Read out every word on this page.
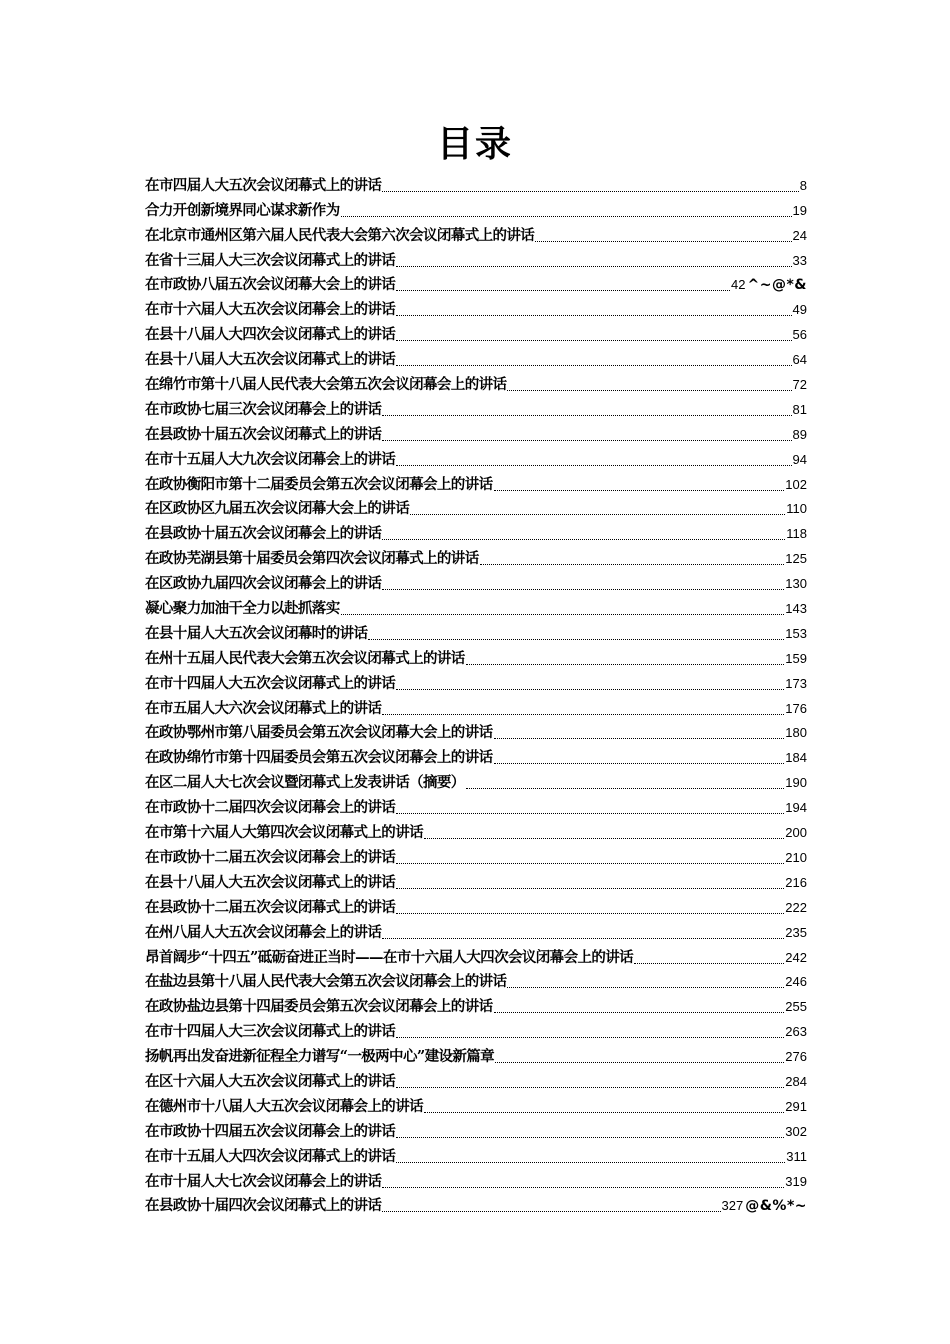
目录
在市四届人大五次会议闭幕式上的讲话	8
合力开创新境界同心谋求新作为	19
在北京市通州区第六届人民代表大会第六次会议闭幕式上的讲话	24
在省十三届人大三次会议闭幕式上的讲话	33
在市政协八届五次会议闭幕大会上的讲话	42 ^~@*&
在市十六届人大五次会议闭幕会上的讲话	49
在县十八届人大四次会议闭幕式上的讲话	56
在县十八届人大五次会议闭幕式上的讲话	64
在绵竹市第十八届人民代表大会第五次会议闭幕会上的讲话	72
在市政协七届三次会议闭幕会上的讲话	81
在县政协十届五次会议闭幕式上的讲话	89
在市十五届人大九次会议闭幕会上的讲话	94
在政协衡阳市第十二届委员会第五次会议闭幕会上的讲话	102
在区政协区九届五次会议闭幕大会上的讲话	110
在县政协十届五次会议闭幕会上的讲话	118
在政协芜湖县第十届委员会第四次会议闭幕式上的讲话	125
在区政协九届四次会议闭幕会上的讲话	130
凝心聚力加油干全力以赴抓落实	143
在县十届人大五次会议闭幕时的讲话	153
在州十五届人民代表大会第五次会议闭幕式上的讲话	159
在市十四届人大五次会议闭幕式上的讲话	173
在市五届人大六次会议闭幕式上的讲话	176
在政协鄂州市第八届委员会第五次会议闭幕大会上的讲话	180
在政协绵竹市第十四届委员会第五次会议闭幕会上的讲话	184
在区二届人大七次会议暨闭幕式上发表讲话（摘要）	190
在市政协十二届四次会议闭幕会上的讲话	194
在市第十六届人大第四次会议闭幕式上的讲话	200
在市政协十二届五次会议闭幕会上的讲话	210
在县十八届人大五次会议闭幕式上的讲话	216
在县政协十二届五次会议闭幕式上的讲话	222
在州八届人大五次会议闭幕会上的讲话	235
昂首阔步“十四五”砥砺奋进正当时——在市十六届人大四次会议闭幕会上的讲话	242
在盐边县第十八届人民代表大会第五次会议闭幕会上的讲话	246
在政协盐边县第十四届委员会第五次会议闭幕会上的讲话	255
在市十四届人大三次会议闭幕式上的讲话	263
扬帆再出发奋进新征程全力谱写“一极两中心”建设新篇章	276
在区十六届人大五次会议闭幕式上的讲话	284
在德州市十八届人大五次会议闭幕会上的讲话	291
在市政协十四届五次会议闭幕会上的讲话	302
在市十五届人大四次会议闭幕式上的讲话	311
在市十届人大七次会议闭幕会上的讲话	319
在县政协十届四次会议闭幕式上的讲话	327 @&%*~
